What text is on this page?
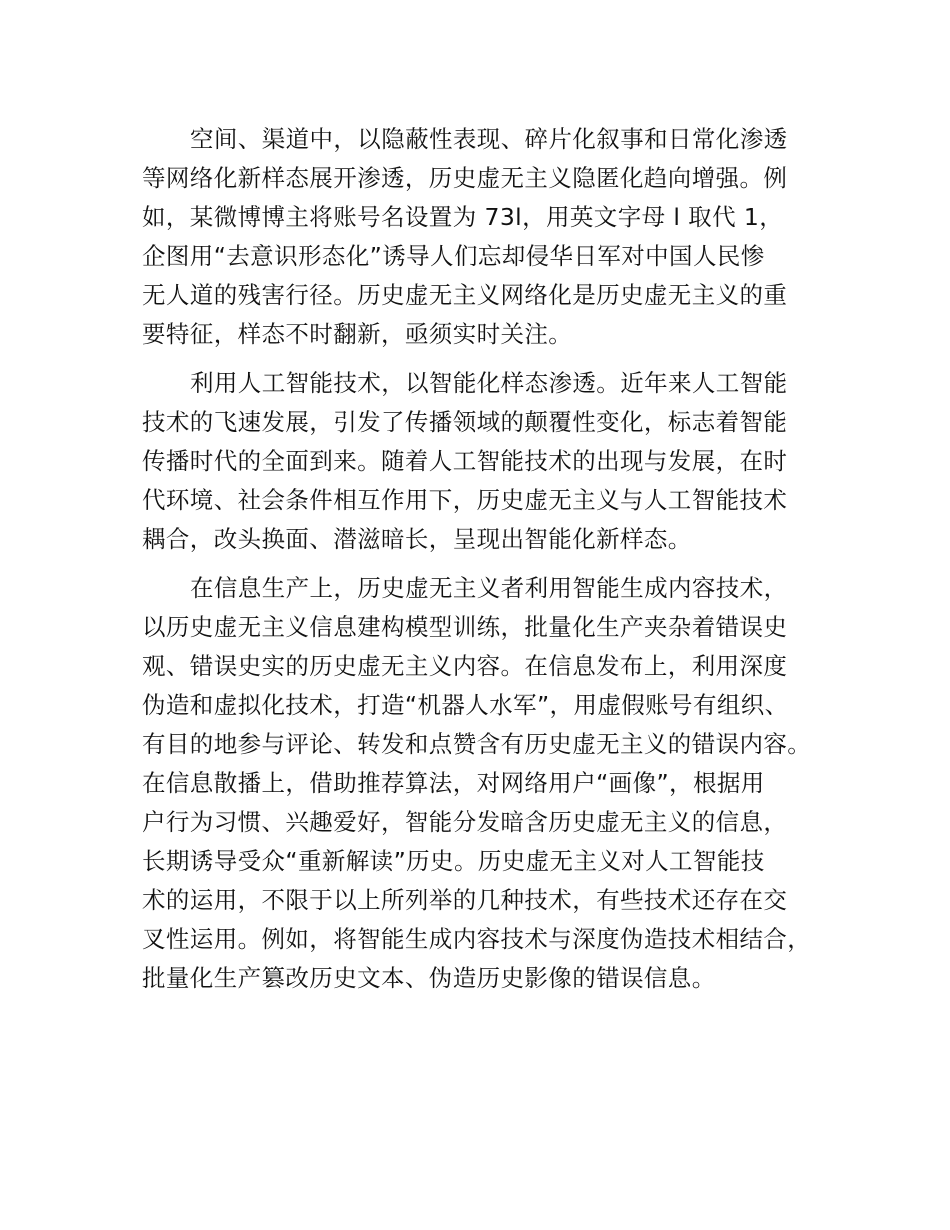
空间、渠道中，以隐蔽性表现、碎片化叙事和日常化渗透
等网络化新样态展开渗透，历史虚无主义隐匿化趋向增强。例
如，某微博博主将账号名设置为 73l，用英文字母 l 取代 1，
企图用“去意识形态化”诱导人们忘却侵华日军对中国人民惨
无人道的残害行径。历史虚无主义网络化是历史虚无主义的重
要特征，样态不时翻新，亟须实时关注。

利用人工智能技术，以智能化样态渗透。近年来人工智能
技术的飞速发展，引发了传播领域的颠覆性变化，标志着智能
传播时代的全面到来。随着人工智能技术的出现与发展，在时
代环境、社会条件相互作用下，历史虚无主义与人工智能技术
耦合，改头换面、潜滋暗长，呈现出智能化新样态。

在信息生产上，历史虚无主义者利用智能生成内容技术，
以历史虚无主义信息建构模型训练，批量化生产夹杂着错误史
观、错误史实的历史虚无主义内容。在信息发布上，利用深度
伪造和虚拟化技术，打造“机器人水军”，用虚假账号有组织、
有目的地参与评论、转发和点赞含有历史虚无主义的错误内容。
在信息散播上，借助推荐算法，对网络用户“画像”，根据用
户行为习惯、兴趣爱好，智能分发暗含历史虚无主义的信息，
长期诱导受众“重新解读”历史。历史虚无主义对人工智能技
术的运用，不限于以上所列举的几种技术，有些技术还存在交
叉性运用。例如，将智能生成内容技术与深度伪造技术相结合，
批量化生产篡改历史文本、伪造历史影像的错误信息。
